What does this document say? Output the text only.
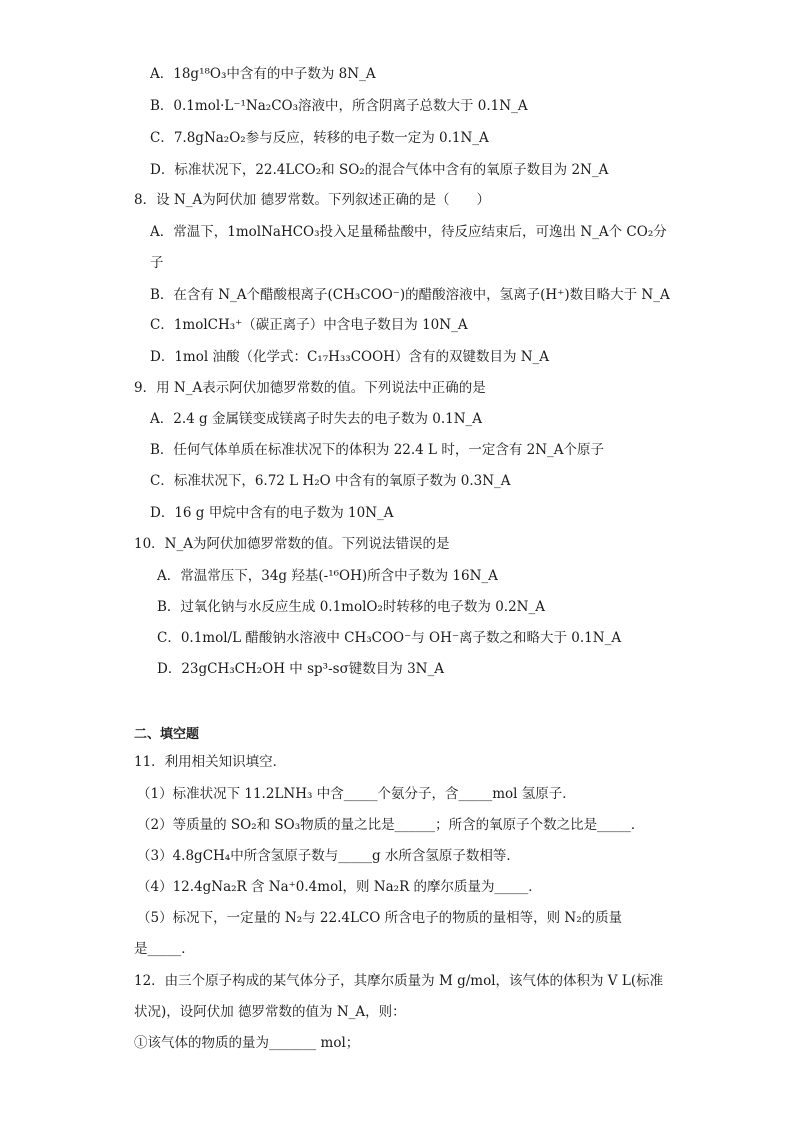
A．18g¹⁸O₃中含有的中子数为 8N_A
B．0.1mol·L⁻¹Na₂CO₃溶液中，所含阴离子总数大于 0.1N_A
C．7.8gNa₂O₂参与反应，转移的电子数一定为 0.1N_A
D．标准状况下，22.4LCO₂和 SO₂的混合气体中含有的氧原子数目为 2N_A
8．设 N_A为阿伏加 德罗常数。下列叙述正确的是（　　）
A．常温下，1molNaHCO₃投入足量稀盐酸中，待反应结束后，可逸出 N_A个 CO₂分
子
B．在含有 N_A个醋酸根离子(CH₃COO⁻)的醋酸溶液中，氢离子(H⁺)数目略大于 N_A
C．1molCH₃⁺（碳正离子）中含电子数目为 10N_A
D．1mol 油酸（化学式：C₁₇H₃₃COOH）含有的双键数目为 N_A
9．用 N_A表示阿伏加德罗常数的值。下列说法中正确的是
A．2.4 g 金属镁变成镁离子时失去的电子数为 0.1N_A
B．任何气体单质在标准状况下的体积为 22.4 L 时，一定含有 2N_A个原子
C．标准状况下，6.72 L H₂O 中含有的氧原子数为 0.3N_A
D．16 g 甲烷中含有的电子数为 10N_A
10．N_A为阿伏加德罗常数的值。下列说法错误的是
A．常温常压下，34g 羟基(-¹⁶OH)所含中子数为 16N_A
B．过氧化钠与水反应生成 0.1molO₂时转移的电子数为 0.2N_A
C．0.1mol/L 醋酸钠水溶液中 CH₃COO⁻与 OH⁻离子数之和略大于 0.1N_A
D．23gCH₃CH₂OH 中 sp³-sσ键数目为 3N_A
二、填空题
11．利用相关知识填空．
（1）标准状况下 11.2LNH₃ 中含_____个氨分子，含_____mol 氢原子．
（2）等质量的 SO₂和 SO₃物质的量之比是______；所含的氧原子个数之比是_____．
（3）4.8gCH₄中所含氢原子数与_____g 水所含氢原子数相等．
（4）12.4gNa₂R 含 Na⁺0.4mol，则 Na₂R 的摩尔质量为_____．
（5）标况下，一定量的 N₂与 22.4LCO 所含电子的物质的量相等，则 N₂的质量
是_____．
12．由三个原子构成的某气体分子，其摩尔质量为 M g/mol，该气体的体积为 V L(标准
状况)，设阿伏加 德罗常数的值为 N_A，则：
①该气体的物质的量为_______ mol；
